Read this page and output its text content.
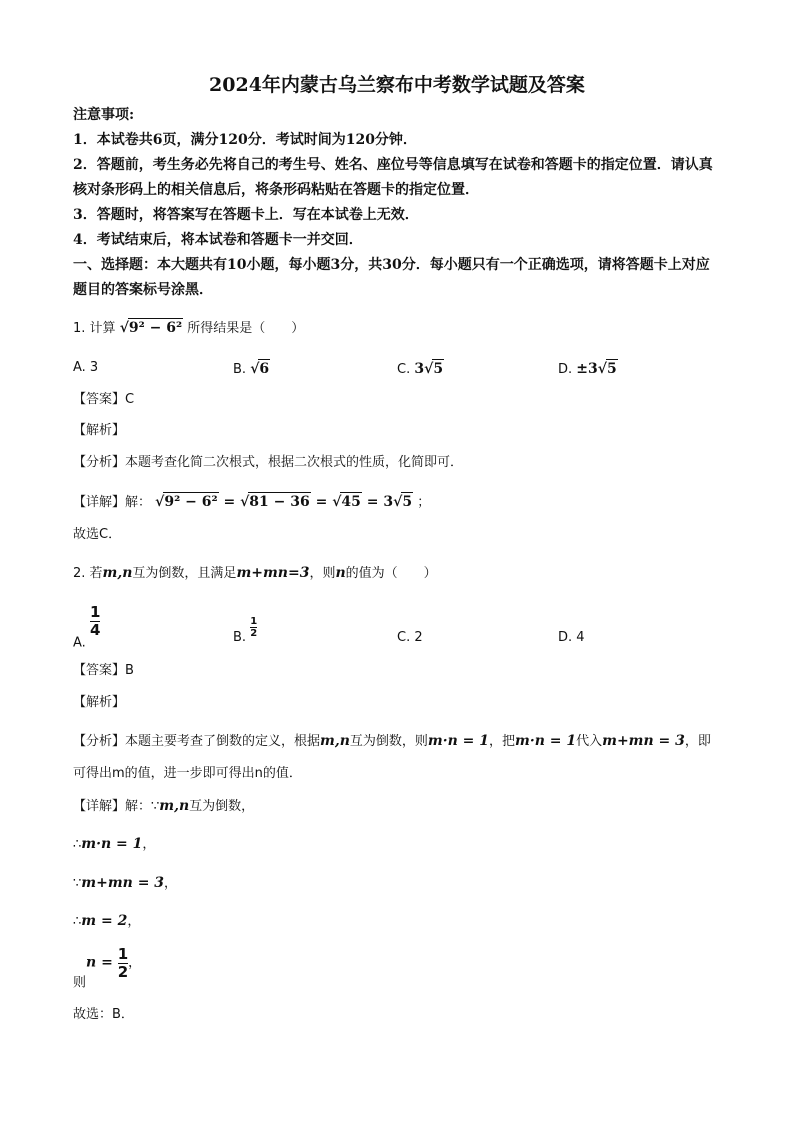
2024年内蒙古乌兰察布中考数学试题及答案
注意事项:
1．本试卷共6页，满分120分．考试时间为120分钟．
2．答题前，考生务必先将自己的考生号、姓名、座位号等信息填写在试卷和答题卡的指定位置．请认真
核对条形码上的相关信息后，将条形码粘贴在答题卡的指定位置．
3．答题时，将答案写在答题卡上．写在本试卷上无效．
4．考试结束后，将本试卷和答题卡一并交回．
一、选择题：本大题共有10小题，每小题3分，共30分．每小题只有一个正确选项，请将答题卡上对应
题目的答案标号涂黑．
1. 计算 √9² − 6² 所得结果是（　　）
A. 3	B. √6	C. 3√5	D. ±3√5
【答案】C
【解析】
【分析】本题考查化简二次根式，根据二次根式的性质，化简即可．
【详解】解： √9² − 6² = √81 − 36 = √45 = 3√5 ；
故选C．
2. 若m,n互为倒数，且满足m+mn=3，则n的值为（　　）
A.
$\frac{1}{4}$	B. $\frac{1}{2}$	C. 2	D. 4
【答案】B
【解析】
【分析】本题主要考查了倒数的定义，根据m,n互为倒数，则m·n = 1，把m·n = 1代入m+mn = 3，即
可得出m的值，进一步即可得出n的值．
【详解】解：∵m,n互为倒数，
∴m·n = 1，
∵m+mn = 3，
∴m = 2，
则$n = \frac{1}{2}$ ，
故选：B．
